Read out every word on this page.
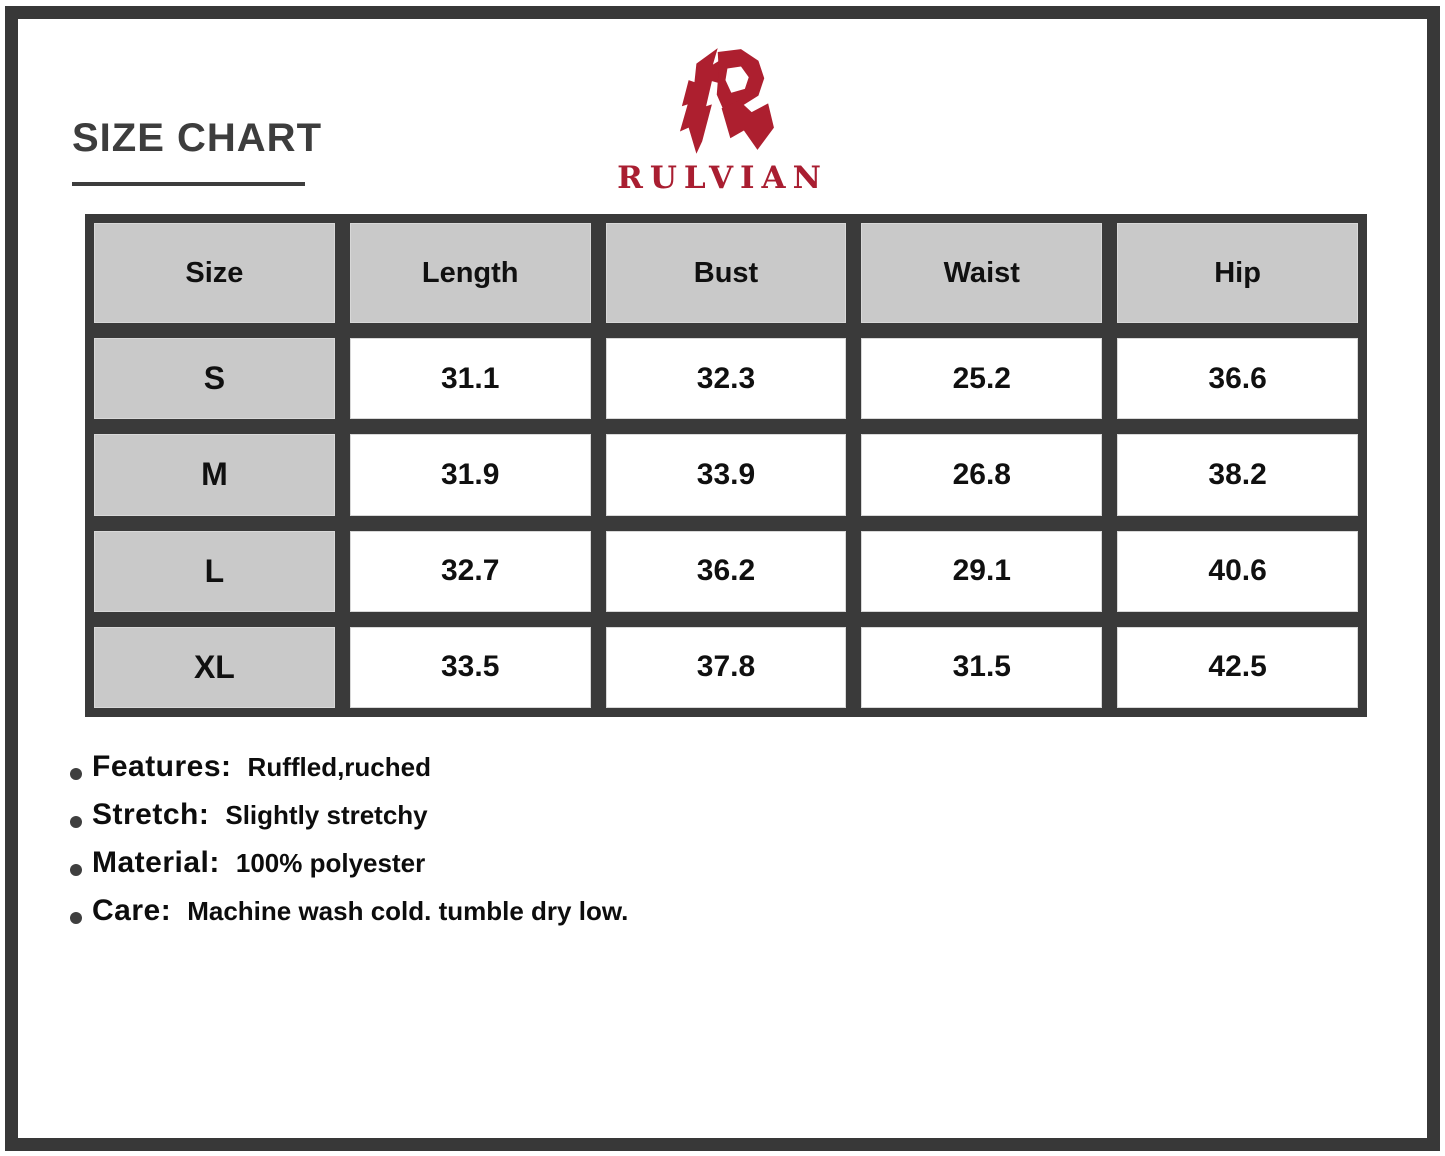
SIZE CHART
RULVIAN
Size	Length	Bust	Waist	Hip
S	31.1	32.3	25.2	36.6
M	31.9	33.9	26.8	38.2
L	32.7	36.2	29.1	40.6
XL	33.5	37.8	31.5	42.5
Features: Ruffled,ruched
Stretch: Slightly stretchy
Material: 100% polyester
Care: Machine wash cold. tumble dry low.
